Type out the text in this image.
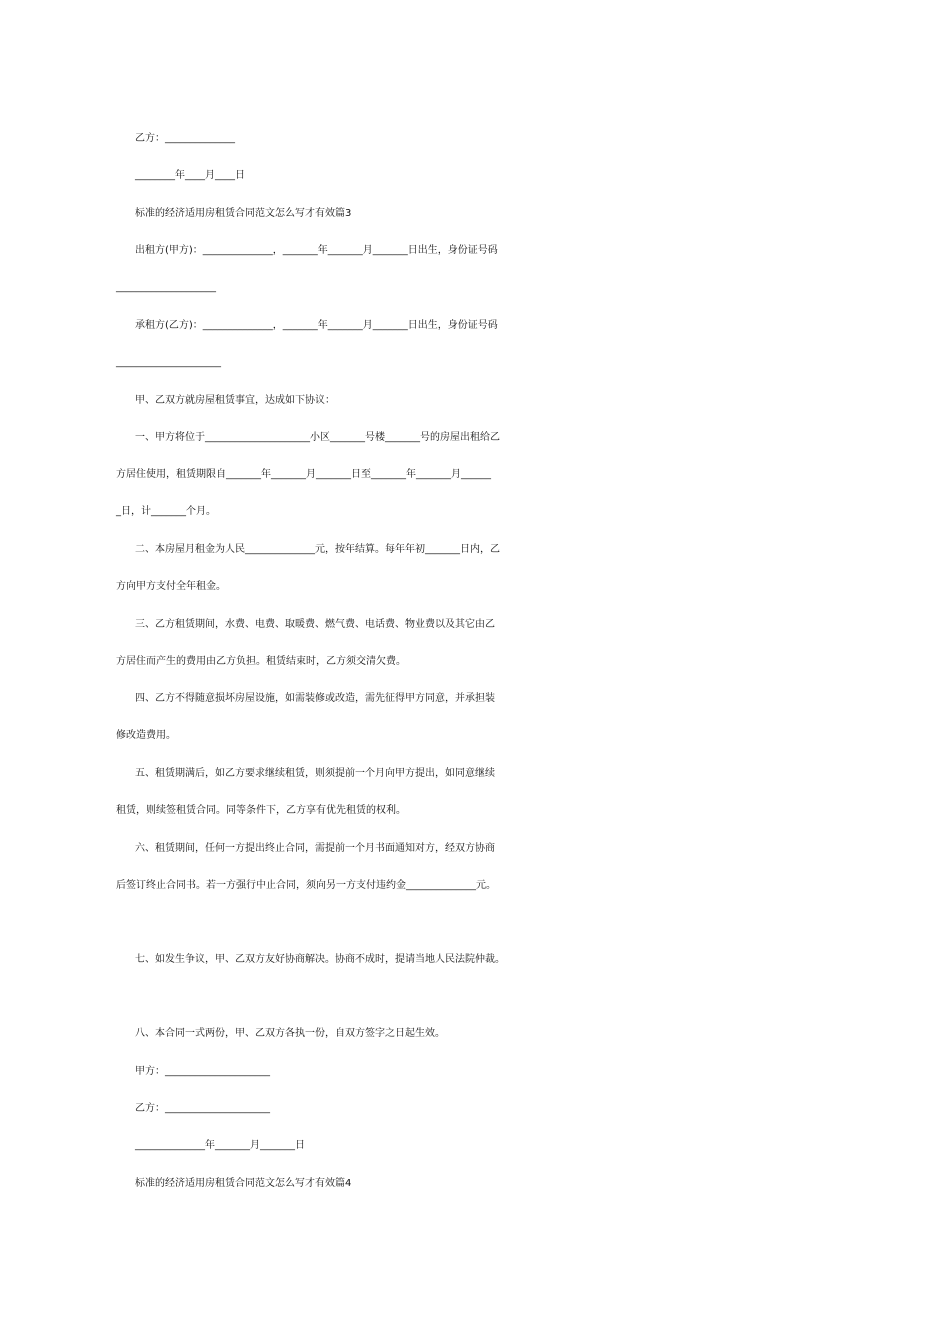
乙方：______________
________年____月____日
标准的经济适用房租赁合同范文怎么写才有效篇3
出租方(甲方)：______________，_______年_______月_______日出生，身份证号码
____________________
承租方(乙方)：______________，_______年_______月_______日出生，身份证号码
_____________________
甲、乙双方就房屋租赁事宜，达成如下协议：
一、甲方将位于_____________________小区_______号楼_______号的房屋出租给乙
方居住使用，租赁期限自_______年_______月_______日至_______年_______月______
_日，计_______个月。
二、本房屋月租金为人民______________元，按年结算。每年年初_______日内，乙
方向甲方支付全年租金。
三、乙方租赁期间，水费、电费、取暖费、燃气费、电话费、物业费以及其它由乙
方居住而产生的费用由乙方负担。租赁结束时，乙方须交清欠费。
四、乙方不得随意损坏房屋设施，如需装修或改造，需先征得甲方同意，并承担装
修改造费用。
五、租赁期满后，如乙方要求继续租赁，则须提前一个月向甲方提出，如同意继续
租赁，则续签租赁合同。同等条件下，乙方享有优先租赁的权利。
六、租赁期间，任何一方提出终止合同，需提前一个月书面通知对方，经双方协商
后签订终止合同书。若一方强行中止合同，须向另一方支付违约金______________元。
七、如发生争议，甲、乙双方友好协商解决。协商不成时，提请当地人民法院仲裁。
八、本合同一式两份，甲、乙双方各执一份，自双方签字之日起生效。
甲方：_____________________
乙方：_____________________
______________年_______月_______日
标准的经济适用房租赁合同范文怎么写才有效篇4
